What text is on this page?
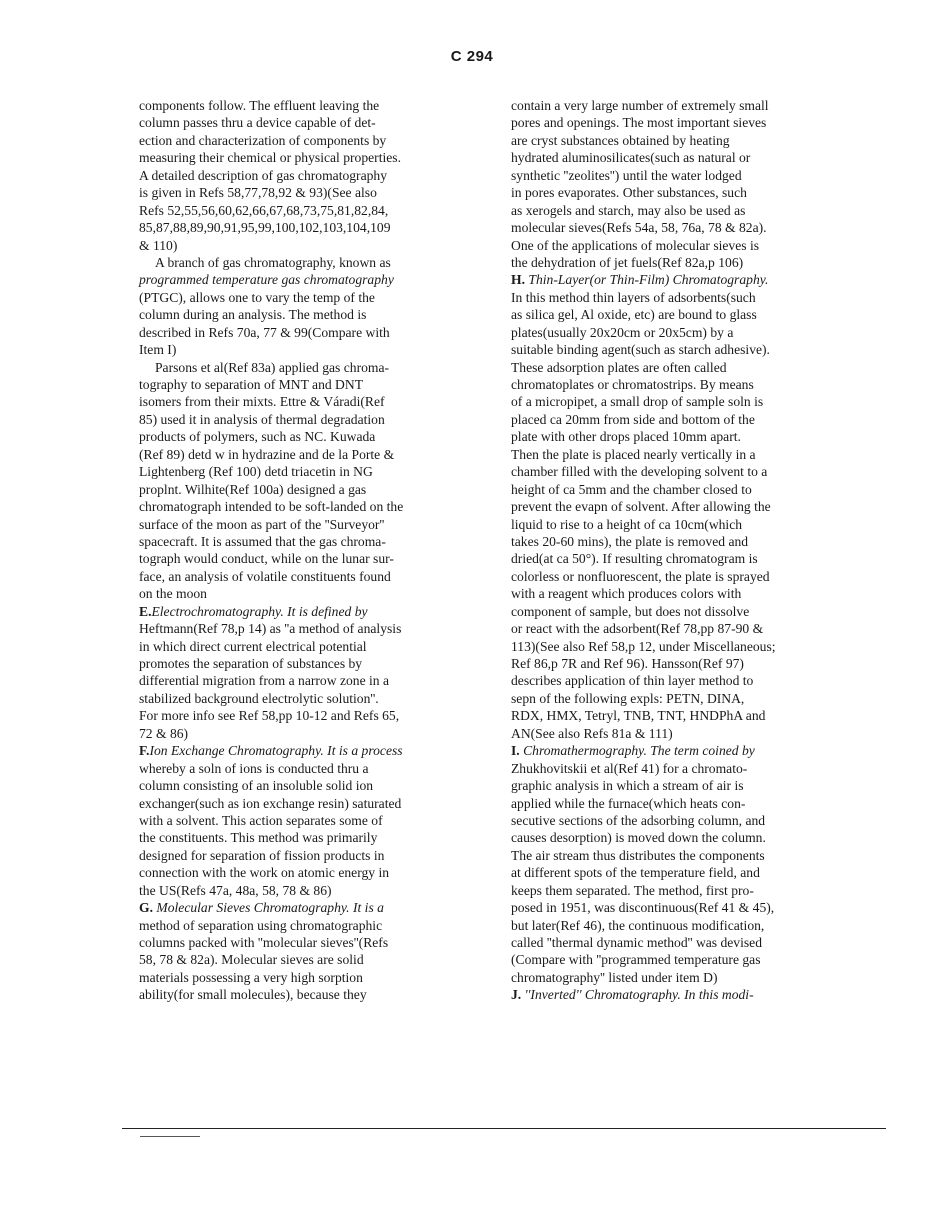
C 294
components follow. The effluent leaving the
column passes thru a device capable of det-
ection and characterization of components by
measuring their chemical or physical properties.
A detailed description of gas chromatography
is given in Refs 58,77,78,92 & 93)(See also
Refs 52,55,56,60,62,66,67,68,73,75,81,82,84,
85,87,88,89,90,91,95,99,100,102,103,104,109
& 110)
A branch of gas chromatography, known as
programmed temperature gas chromatography
(PTGC), allows one to vary the temp of the
column during an analysis. The method is
described in Refs 70a, 77 & 99(Compare with
Item I)
Parsons et al(Ref 83a) applied gas chroma-
tography to separation of MNT and DNT
isomers from their mixts. Ettre & Váradi(Ref
85) used it in analysis of thermal degradation
products of polymers, such as NC. Kuwada
(Ref 89) detd w in hydrazine and de la Porte &
Lightenberg (Ref 100) detd triacetin in NG
proplnt. Wilhite(Ref 100a) designed a gas
chromatograph intended to be soft-landed on the
surface of the moon as part of the ''Surveyor''
spacecraft. It is assumed that the gas chroma-
tograph would conduct, while on the lunar sur-
face, an analysis of volatile constituents found
on the moon
E.Electrochromatography. It is defined by
Heftmann(Ref 78,p 14) as ''a method of analysis
in which direct current electrical potential
promotes the separation of substances by
differential migration from a narrow zone in a
stabilized background electrolytic solution''.
For more info see Ref 58,pp 10-12 and Refs 65,
72 & 86)
F.Ion Exchange Chromatography. It is a process
whereby a soln of ions is conducted thru a
column consisting of an insoluble solid ion
exchanger(such as ion exchange resin) saturated
with a solvent. This action separates some of
the constituents. This method was primarily
designed for separation of fission products in
connection with the work on atomic energy in
the US(Refs 47a, 48a, 58, 78 & 86)
G. Molecular Sieves Chromatography. It is a
method of separation using chromatographic
columns packed with ''molecular sieves''(Refs
58, 78 & 82a). Molecular sieves are solid
materials possessing a very high sorption
ability(for small molecules), because they
contain a very large number of extremely small
pores and openings. The most important sieves
are cryst substances obtained by heating
hydrated aluminosilicates(such as natural or
synthetic ''zeolites'') until the water lodged
in pores evaporates. Other substances, such
as xerogels and starch, may also be used as
molecular sieves(Refs 54a, 58, 76a, 78 & 82a).
One of the applications of molecular sieves is
the dehydration of jet fuels(Ref 82a,p 106)
H. Thin-Layer(or Thin-Film) Chromatography.
In this method thin layers of adsorbents(such
as silica gel, Al oxide, etc) are bound to glass
plates(usually 20x20cm or 20x5cm) by a
suitable binding agent(such as starch adhesive).
These adsorption plates are often called
chromatoplates or chromatostrips. By means
of a micropipet, a small drop of sample soln is
placed ca 20mm from side and bottom of the
plate with other drops placed 10mm apart.
Then the plate is placed nearly vertically in a
chamber filled with the developing solvent to a
height of ca 5mm and the chamber closed to
prevent the evapn of solvent. After allowing the
liquid to rise to a height of ca 10cm(which
takes 20-60 mins), the plate is removed and
dried(at ca 50°). If resulting chromatogram is
colorless or nonfluorescent, the plate is sprayed
with a reagent which produces colors with
component of sample, but does not dissolve
or react with the adsorbent(Ref 78,pp 87-90 &
113)(See also Ref 58,p 12, under Miscellaneous;
Ref 86,p 7R and Ref 96). Hansson(Ref 97)
describes application of thin layer method to
sepn of the following expls: PETN, DINA,
RDX, HMX, Tetryl, TNB, TNT, HNDPhA and
AN(See also Refs 81a & 111)
I. Chromathermography. The term coined by
Zhukhovitskii et al(Ref 41) for a chromato-
graphic analysis in which a stream of air is
applied while the furnace(which heats con-
secutive sections of the adsorbing column, and
causes desorption) is moved down the column.
The air stream thus distributes the components
at different spots of the temperature field, and
keeps them separated. The method, first pro-
posed in 1951, was discontinuous(Ref 41 & 45),
but later(Ref 46), the continuous modification,
called ''thermal dynamic method'' was devised
(Compare with ''programmed temperature gas
chromatography'' listed under item D)
J. ''Inverted'' Chromatography. In this modi-
